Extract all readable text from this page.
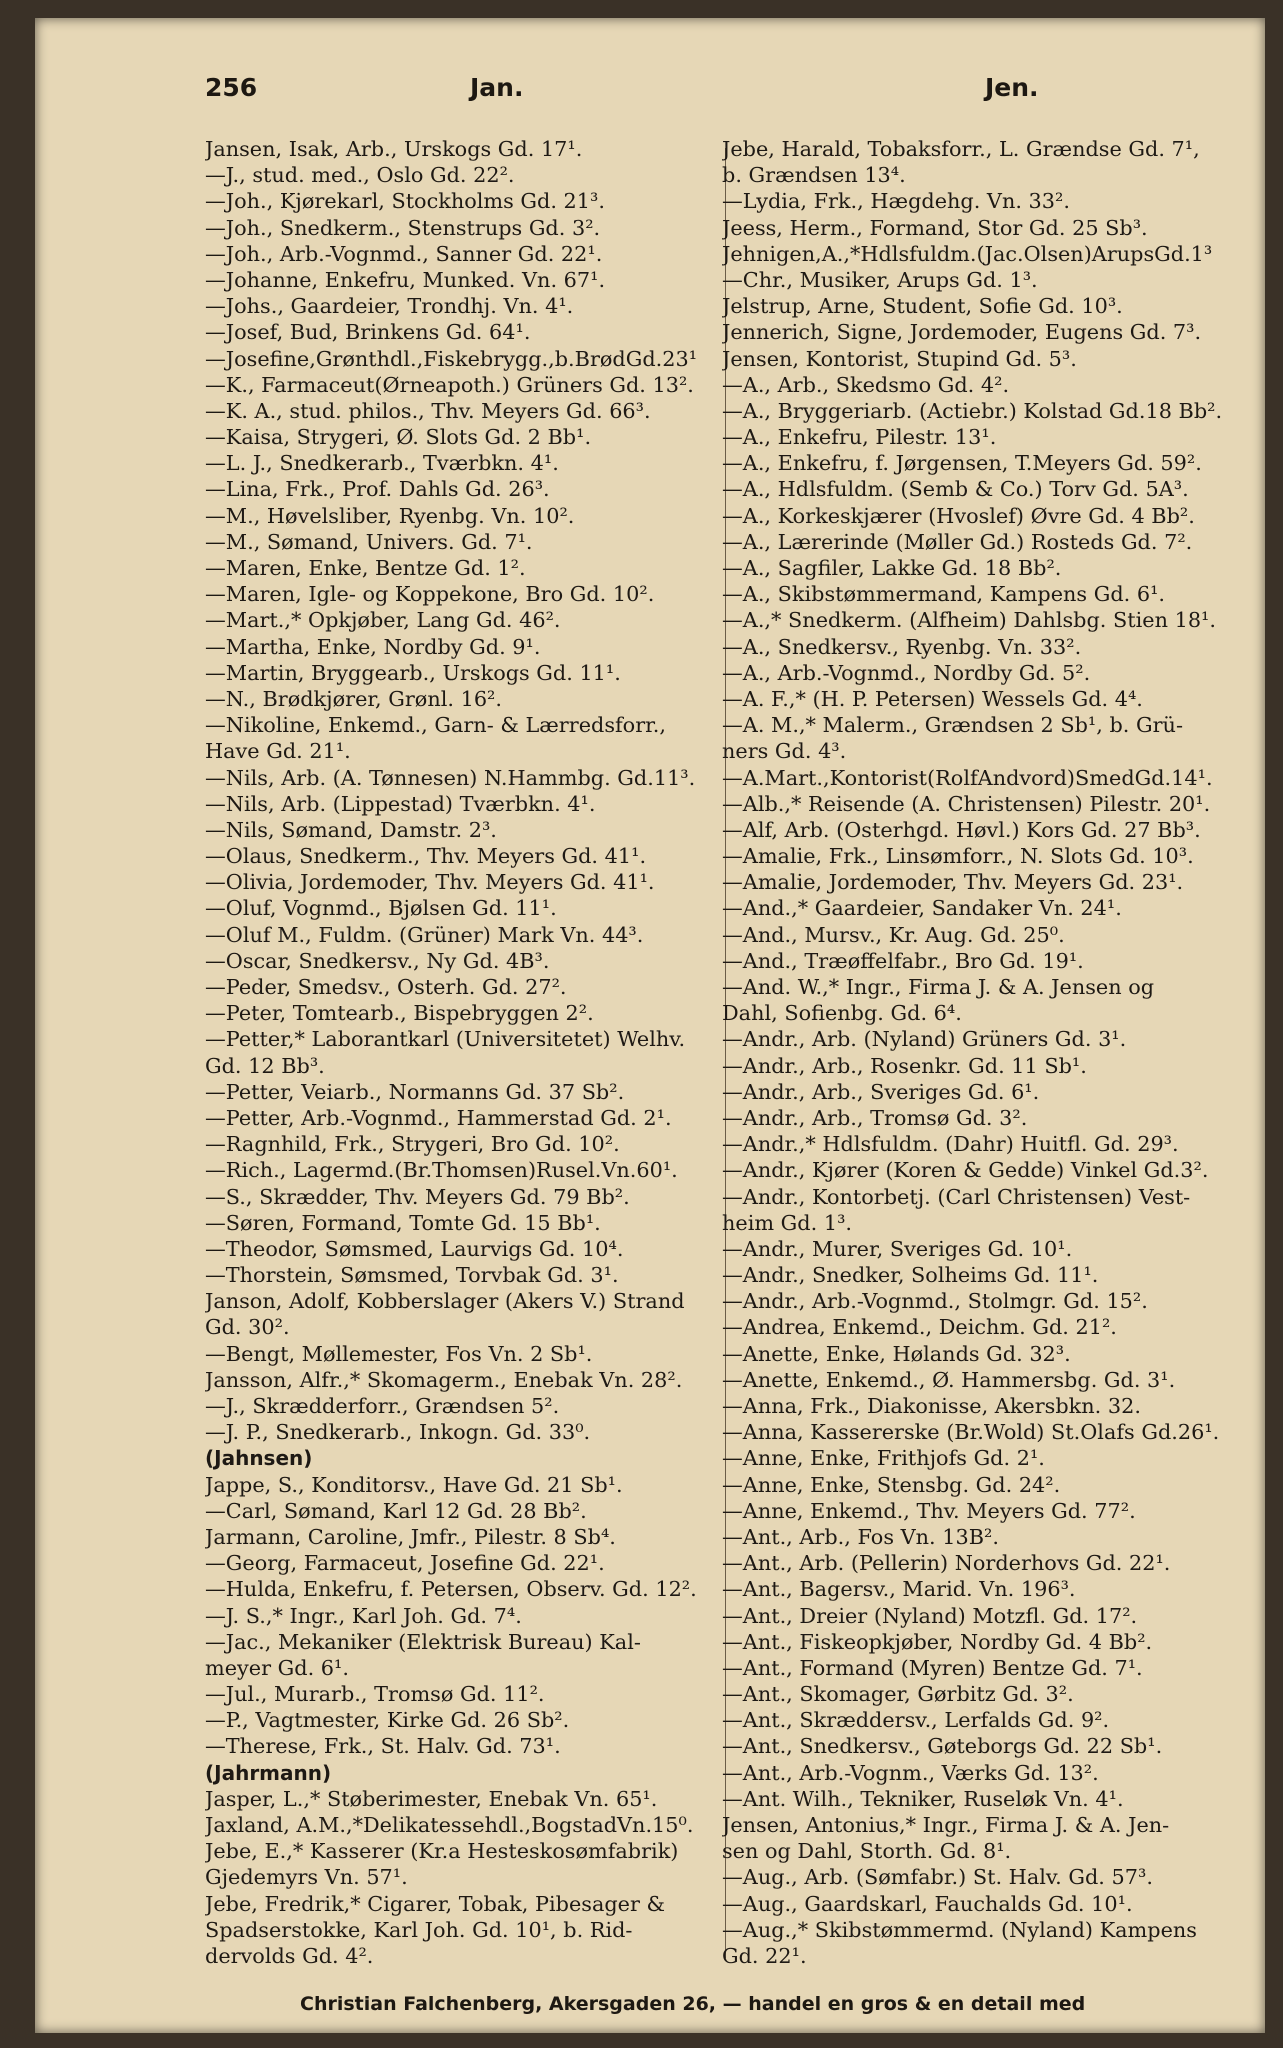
256	Jan.	Jen.
Jansen, Isak, Arb., Urskogs Gd. 17¹.
—J., stud. med., Oslo Gd. 22².
—Joh., Kjørekarl, Stockholms Gd. 21³.
—Joh., Snedkerm., Stenstrups Gd. 3².
—Joh., Arb.-Vognmd., Sanner Gd. 22¹.
—Johanne, Enkefru, Munked. Vn. 67¹.
—Johs., Gaardeier, Trondhj. Vn. 4¹.
—Josef, Bud, Brinkens Gd. 64¹.
—Josefine,Grønthdl.,Fiskebrygg.,b.BrødGd.23¹
—K., Farmaceut(Ørneapoth.) Grüners Gd. 13².
—K. A., stud. philos., Thv. Meyers Gd. 66³.
—Kaisa, Strygeri, Ø. Slots Gd. 2 Bb¹.
—L. J., Snedkerarb., Tværbkn. 4¹.
—Lina, Frk., Prof. Dahls Gd. 26³.
—M., Høvelsliber, Ryenbg. Vn. 10².
—M., Sømand, Univers. Gd. 7¹.
—Maren, Enke, Bentze Gd. 1².
—Maren, Igle- og Koppekone, Bro Gd. 10².
—Mart.,* Opkjøber, Lang Gd. 46².
—Martha, Enke, Nordby Gd. 9¹.
—Martin, Bryggearb., Urskogs Gd. 11¹.
—N., Brødkjører, Grønl. 16².
—Nikoline, Enkemd., Garn- & Lærredsforr.,
Have Gd. 21¹.
—Nils, Arb. (A. Tønnesen) N.Hammbg. Gd.11³.
—Nils, Arb. (Lippestad) Tværbkn. 4¹.
—Nils, Sømand, Damstr. 2³.
—Olaus, Snedkerm., Thv. Meyers Gd. 41¹.
—Olivia, Jordemoder, Thv. Meyers Gd. 41¹.
—Oluf, Vognmd., Bjølsen Gd. 11¹.
—Oluf M., Fuldm. (Grüner) Mark Vn. 44³.
—Oscar, Snedkersv., Ny Gd. 4B³.
—Peder, Smedsv., Osterh. Gd. 27².
—Peter, Tomtearb., Bispebryggen 2².
—Petter,* Laborantkarl (Universitetet) Welhv.
Gd. 12 Bb³.
—Petter, Veiarb., Normanns Gd. 37 Sb².
—Petter, Arb.-Vognmd., Hammerstad Gd. 2¹.
—Ragnhild, Frk., Strygeri, Bro Gd. 10².
—Rich., Lagermd.(Br.Thomsen)Rusel.Vn.60¹.
—S., Skrædder, Thv. Meyers Gd. 79 Bb².
—Søren, Formand, Tomte Gd. 15 Bb¹.
—Theodor, Sømsmed, Laurvigs Gd. 10⁴.
—Thorstein, Sømsmed, Torvbak Gd. 3¹.
Janson, Adolf, Kobberslager (Akers V.) Strand
Gd. 30².
—Bengt, Møllemester, Fos Vn. 2 Sb¹.
Jansson, Alfr.,* Skomagerm., Enebak Vn. 28².
—J., Skrædderforr., Grændsen 5².
—J. P., Snedkerarb., Inkogn. Gd. 33⁰.
(Jahnsen)
Jappe, S., Konditorsv., Have Gd. 21 Sb¹.
—Carl, Sømand, Karl 12 Gd. 28 Bb².
Jarmann, Caroline, Jmfr., Pilestr. 8 Sb⁴.
—Georg, Farmaceut, Josefine Gd. 22¹.
—Hulda, Enkefru, f. Petersen, Observ. Gd. 12².
—J. S.,* Ingr., Karl Joh. Gd. 7⁴.
—Jac., Mekaniker (Elektrisk Bureau) Kal-
meyer Gd. 6¹.
—Jul., Murarb., Tromsø Gd. 11².
—P., Vagtmester, Kirke Gd. 26 Sb².
—Therese, Frk., St. Halv. Gd. 73¹.
(Jahrmann)
Jasper, L.,* Støberimester, Enebak Vn. 65¹.
Jaxland, A.M.,*Delikatessehdl.,BogstadVn.15⁰.
Jebe, E.,* Kasserer (Kr.a Hesteskosømfabrik)
Gjedemyrs Vn. 57¹.
Jebe, Fredrik,* Cigarer, Tobak, Pibesager &
Spadserstokke, Karl Joh. Gd. 10¹, b. Rid-
dervolds Gd. 4².
Jebe, Harald, Tobaksforr., L. Grændse Gd. 7¹,
b. Grændsen 13⁴.
—Lydia, Frk., Hægdehg. Vn. 33².
Jeess, Herm., Formand, Stor Gd. 25 Sb³.
Jehnigen,A.,*Hdlsfuldm.(Jac.Olsen)ArupsGd.1³
—Chr., Musiker, Arups Gd. 1³.
Jelstrup, Arne, Student, Sofie Gd. 10³.
Jennerich, Signe, Jordemoder, Eugens Gd. 7³.
Jensen, Kontorist, Stupind Gd. 5³.
—A., Arb., Skedsmo Gd. 4².
—A., Bryggeriarb. (Actiebr.) Kolstad Gd.18 Bb².
—A., Enkefru, Pilestr. 13¹.
—A., Enkefru, f. Jørgensen, T.Meyers Gd. 59².
—A., Hdlsfuldm. (Semb & Co.) Torv Gd. 5A³.
—A., Korkeskjærer (Hvoslef) Øvre Gd. 4 Bb².
—A., Lærerinde (Møller Gd.) Rosteds Gd. 7².
—A., Sagfiler, Lakke Gd. 18 Bb².
—A., Skibstømmermand, Kampens Gd. 6¹.
—A.,* Snedkerm. (Alfheim) Dahlsbg. Stien 18¹.
—A., Snedkersv., Ryenbg. Vn. 33².
—A., Arb.-Vognmd., Nordby Gd. 5².
—A. F.,* (H. P. Petersen) Wessels Gd. 4⁴.
—A. M.,* Malerm., Grændsen 2 Sb¹, b. Grü-
ners Gd. 4³.
—A.Mart.,Kontorist(RolfAndvord)SmedGd.14¹.
—Alb.,* Reisende (A. Christensen) Pilestr. 20¹.
—Alf, Arb. (Osterhgd. Høvl.) Kors Gd. 27 Bb³.
—Amalie, Frk., Linsømforr., N. Slots Gd. 10³.
—Amalie, Jordemoder, Thv. Meyers Gd. 23¹.
—And.,* Gaardeier, Sandaker Vn. 24¹.
—And., Mursv., Kr. Aug. Gd. 25⁰.
—And., Træøffelfabr., Bro Gd. 19¹.
—And. W.,* Ingr., Firma J. & A. Jensen og
Dahl, Sofienbg. Gd. 6⁴.
—Andr., Arb. (Nyland) Grüners Gd. 3¹.
—Andr., Arb., Rosenkr. Gd. 11 Sb¹.
—Andr., Arb., Sveriges Gd. 6¹.
—Andr., Arb., Tromsø Gd. 3².
—Andr.,* Hdlsfuldm. (Dahr) Huitfl. Gd. 29³.
—Andr., Kjører (Koren & Gedde) Vinkel Gd.3².
—Andr., Kontorbetj. (Carl Christensen) Vest-
heim Gd. 1³.
—Andr., Murer, Sveriges Gd. 10¹.
—Andr., Snedker, Solheims Gd. 11¹.
—Andr., Arb.-Vognmd., Stolmgr. Gd. 15².
—Andrea, Enkemd., Deichm. Gd. 21².
—Anette, Enke, Hølands Gd. 32³.
—Anette, Enkemd., Ø. Hammersbg. Gd. 3¹.
—Anna, Frk., Diakonisse, Akersbkn. 32.
—Anna, Kassererske (Br.Wold) St.Olafs Gd.26¹.
—Anne, Enke, Frithjofs Gd. 2¹.
—Anne, Enke, Stensbg. Gd. 24².
—Anne, Enkemd., Thv. Meyers Gd. 77².
—Ant., Arb., Fos Vn. 13B².
—Ant., Arb. (Pellerin) Norderhovs Gd. 22¹.
—Ant., Bagersv., Marid. Vn. 196³.
—Ant., Dreier (Nyland) Motzfl. Gd. 17².
—Ant., Fiskeopkjøber, Nordby Gd. 4 Bb².
—Ant., Formand (Myren) Bentze Gd. 7¹.
—Ant., Skomager, Gørbitz Gd. 3².
—Ant., Skræddersv., Lerfalds Gd. 9².
—Ant., Snedkersv., Gøteborgs Gd. 22 Sb¹.
—Ant., Arb.-Vognm., Værks Gd. 13².
—Ant. Wilh., Tekniker, Ruseløk Vn. 4¹.
Jensen, Antonius,* Ingr., Firma J. & A. Jen-
sen og Dahl, Storth. Gd. 8¹.
—Aug., Arb. (Sømfabr.) St. Halv. Gd. 57³.
—Aug., Gaardskarl, Fauchalds Gd. 10¹.
—Aug.,* Skibstømmermd. (Nyland) Kampens
Gd. 22¹.
Christian Falchenberg, Akersgaden 26, — handel en gros & en detail med
